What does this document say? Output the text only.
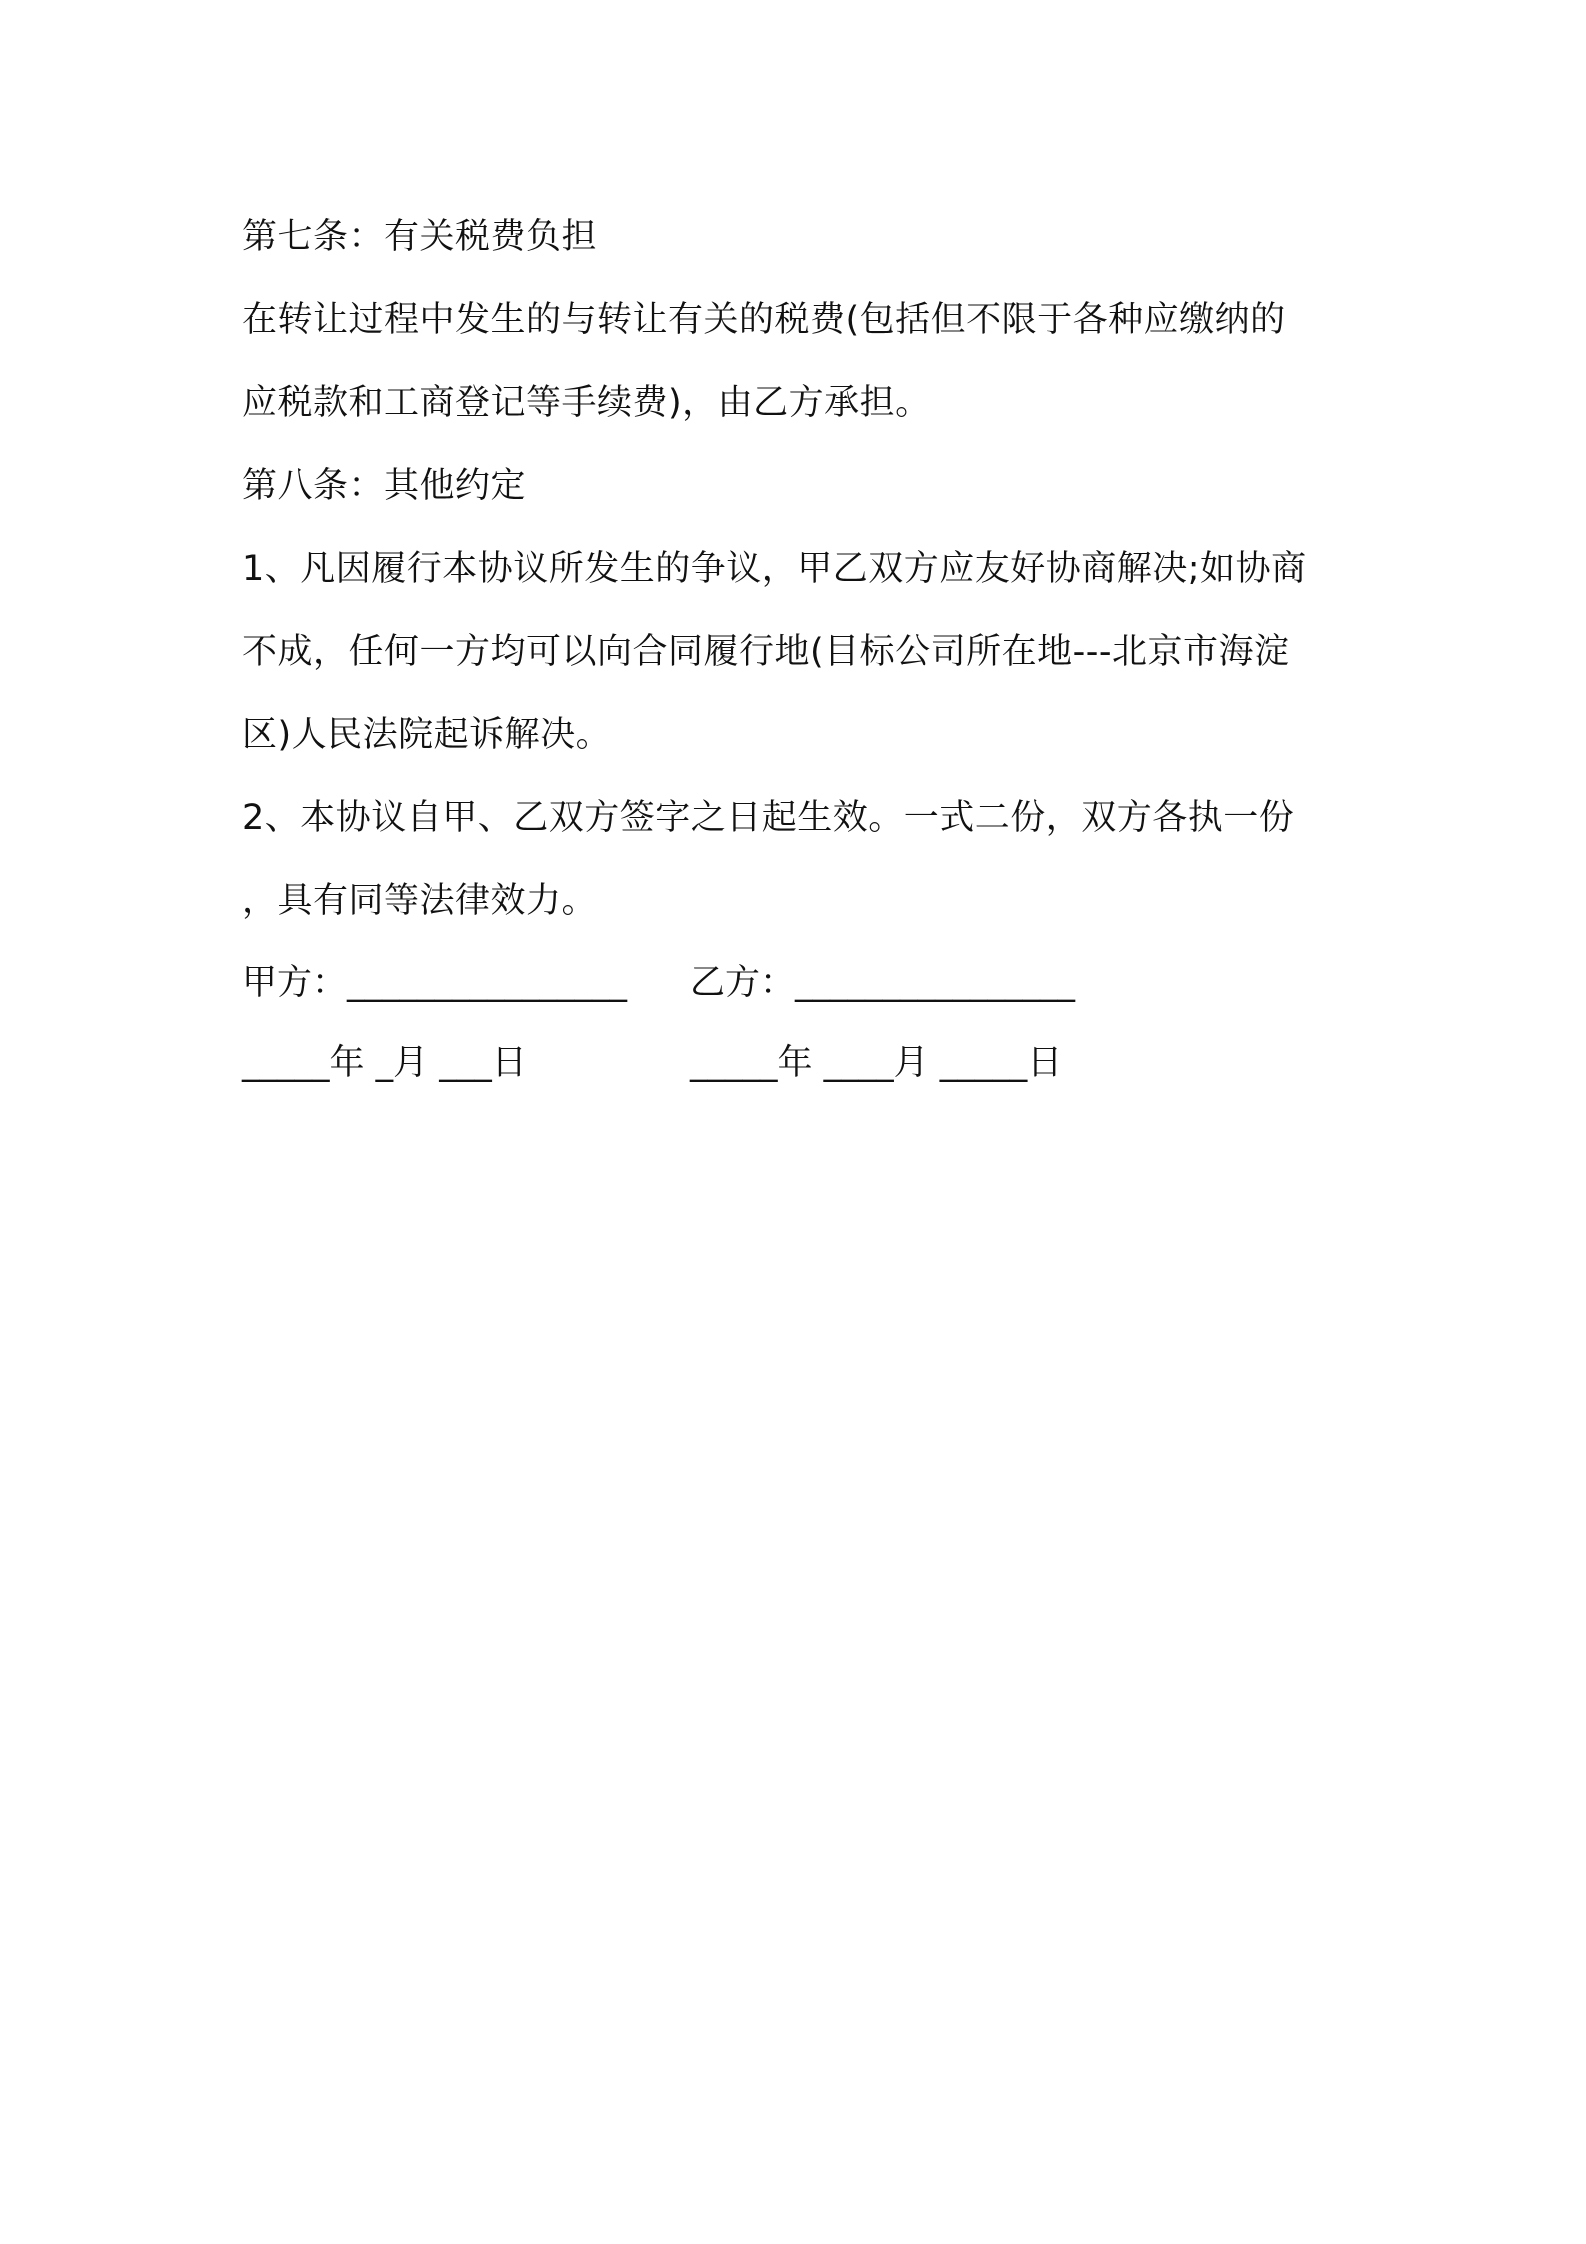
第七条：有关税费负担
在转让过程中发生的与转让有关的税费(包括但不限于各种应缴纳的
应税款和工商登记等手续费)，由乙方承担。
第八条：其他约定
1、凡因履行本协议所发生的争议，甲乙双方应友好协商解决;如协商
不成，任何一方均可以向合同履行地(目标公司所在地---北京市海淀
区)人民法院起诉解决。
2、本协议自甲、乙双方签字之日起生效。一式二份，双方各执一份
，具有同等法律效力。
甲方：________________ 乙方：________________
_____年 _月 ___日	_____年 ____月 _____日
